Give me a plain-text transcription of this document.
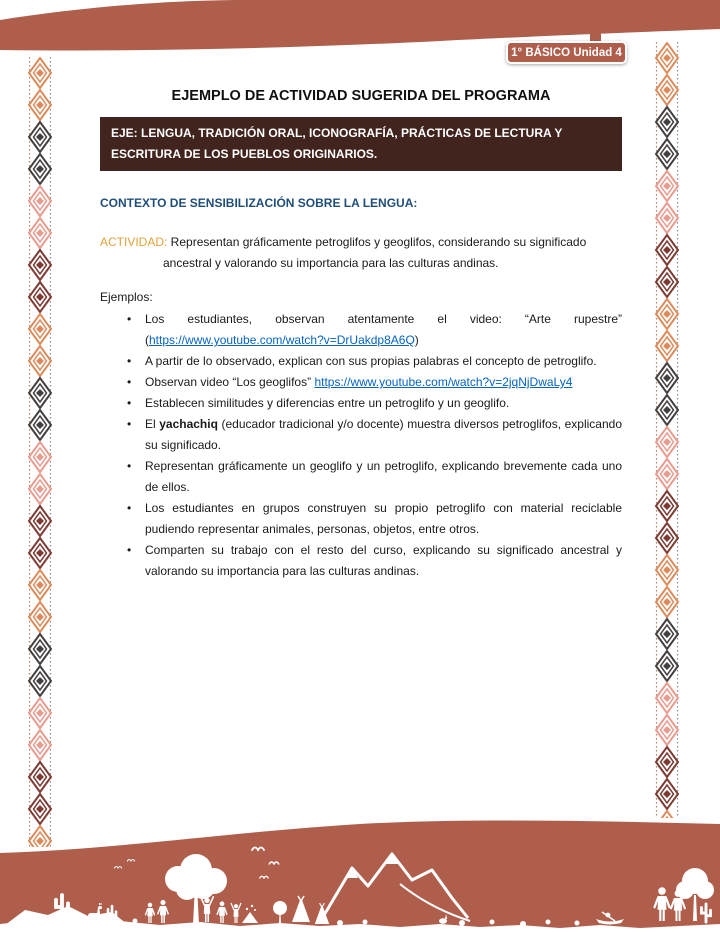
1° BÁSICO Unidad 4
EJEMPLO DE ACTIVIDAD SUGERIDA DEL PROGRAMA
EJE: LENGUA, TRADICIÓN ORAL, ICONOGRAFÍA, PRÁCTICAS DE LECTURA Y ESCRITURA DE LOS PUEBLOS ORIGINARIOS.
CONTEXTO DE SENSIBILIZACIÓN SOBRE LA LENGUA:

ACTIVIDAD: Representan gráficamente petroglifos y geoglifos, considerando su significado ancestral y valorando su importancia para las culturas andinas.

Ejemplos:
• Los estudiantes, observan atentamente el video: “Arte rupestre” (https://www.youtube.com/watch?v=DrUakdp8A6Q)
• A partir de lo observado, explican con sus propias palabras el concepto de petroglifo.
• Observan video “Los geoglifos” https://www.youtube.com/watch?v=2jqNjDwaLy4
• Establecen similitudes y diferencias entre un petroglifo y un geoglifo.
• El yachachiq (educador tradicional y/o docente) muestra diversos petroglifos, explicando su significado.
• Representan gráficamente un geoglifo y un petroglifo, explicando brevemente cada uno de ellos.
• Los estudiantes en grupos construyen su propio petroglifo con material reciclable pudiendo representar animales, personas, objetos, entre otros.
• Comparten su trabajo con el resto del curso, explicando su significado ancestral y valorando su importancia para las culturas andinas.
